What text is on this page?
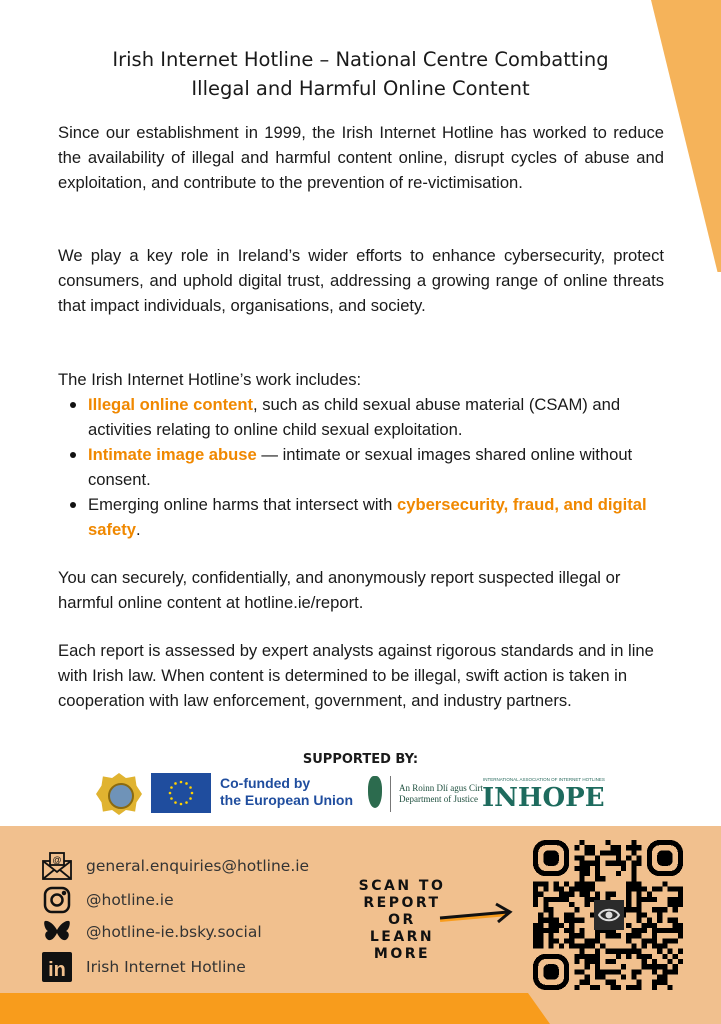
Irish Internet Hotline – National Centre Combatting
Illegal and Harmful Online Content

Since our establishment in 1999, the Irish Internet Hotline has worked to reduce the availability of illegal and harmful content online, disrupt cycles of abuse and exploitation, and contribute to the prevention of re-victimisation.

We play a key role in Ireland’s wider efforts to enhance cybersecurity, protect consumers, and uphold digital trust, addressing a growing range of online threats that impact individuals, organisations, and society.

The Irish Internet Hotline’s work includes:
Illegal online content, such as child sexual abuse material (CSAM) and activities relating to online child sexual exploitation.
Intimate image abuse — intimate or sexual images shared online without consent.
Emerging online harms that intersect with cybersecurity, fraud, and digital safety.

You can securely, confidentially, and anonymously report suspected illegal or harmful online content at hotline.ie/report.

Each report is assessed by expert analysts against rigorous standards and in line with Irish law. When content is determined to be illegal, swift action is taken in cooperation with law enforcement, government, and industry partners.

SUPPORTED BY:
Co-funded by
the European Union
An Roinn Dlí agus Cirt
Department of Justice
INTERNATIONAL ASSOCIATION OF INTERNET HOTLINES
INHOPE
@ general.enquiries@hotline.ie
@hotline.ie
@hotline-ie.bsky.social
in Irish Internet Hotline
SCAN TO
REPORT
OR
LEARN
MORE
